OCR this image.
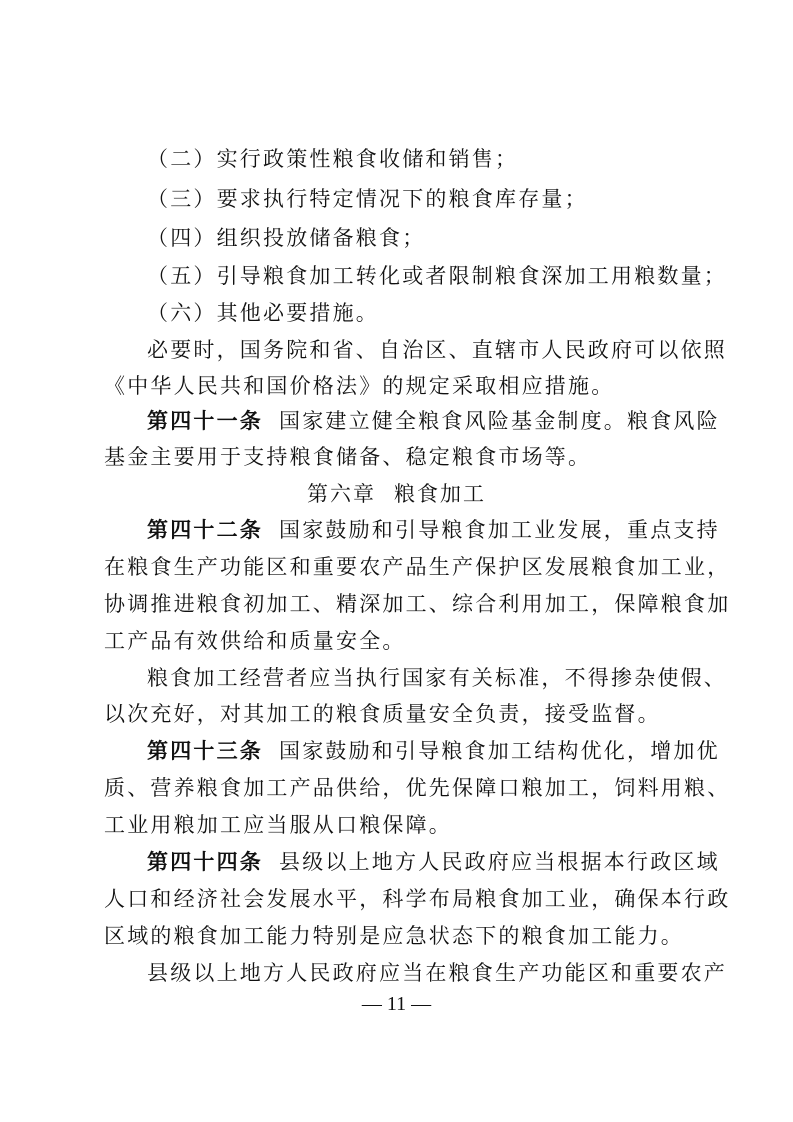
（二）实行政策性粮食收储和销售；
（三）要求执行特定情况下的粮食库存量；
（四）组织投放储备粮食；
（五）引导粮食加工转化或者限制粮食深加工用粮数量；
（六）其他必要措施。
必要时，国务院和省、自治区、直辖市人民政府可以依照
《中华人民共和国价格法》的规定采取相应措施。
第四十一条 国家建立健全粮食风险基金制度。粮食风险
基金主要用于支持粮食储备、稳定粮食市场等。
第六章 粮食加工
第四十二条 国家鼓励和引导粮食加工业发展，重点支持
在粮食生产功能区和重要农产品生产保护区发展粮食加工业，
协调推进粮食初加工、精深加工、综合利用加工，保障粮食加
工产品有效供给和质量安全。
粮食加工经营者应当执行国家有关标准，不得掺杂使假、
以次充好，对其加工的粮食质量安全负责，接受监督。
第四十三条 国家鼓励和引导粮食加工结构优化，增加优
质、营养粮食加工产品供给，优先保障口粮加工，饲料用粮、
工业用粮加工应当服从口粮保障。
第四十四条 县级以上地方人民政府应当根据本行政区域
人口和经济社会发展水平，科学布局粮食加工业，确保本行政
区域的粮食加工能力特别是应急状态下的粮食加工能力。
县级以上地方人民政府应当在粮食生产功能区和重要农产
— 11 —
